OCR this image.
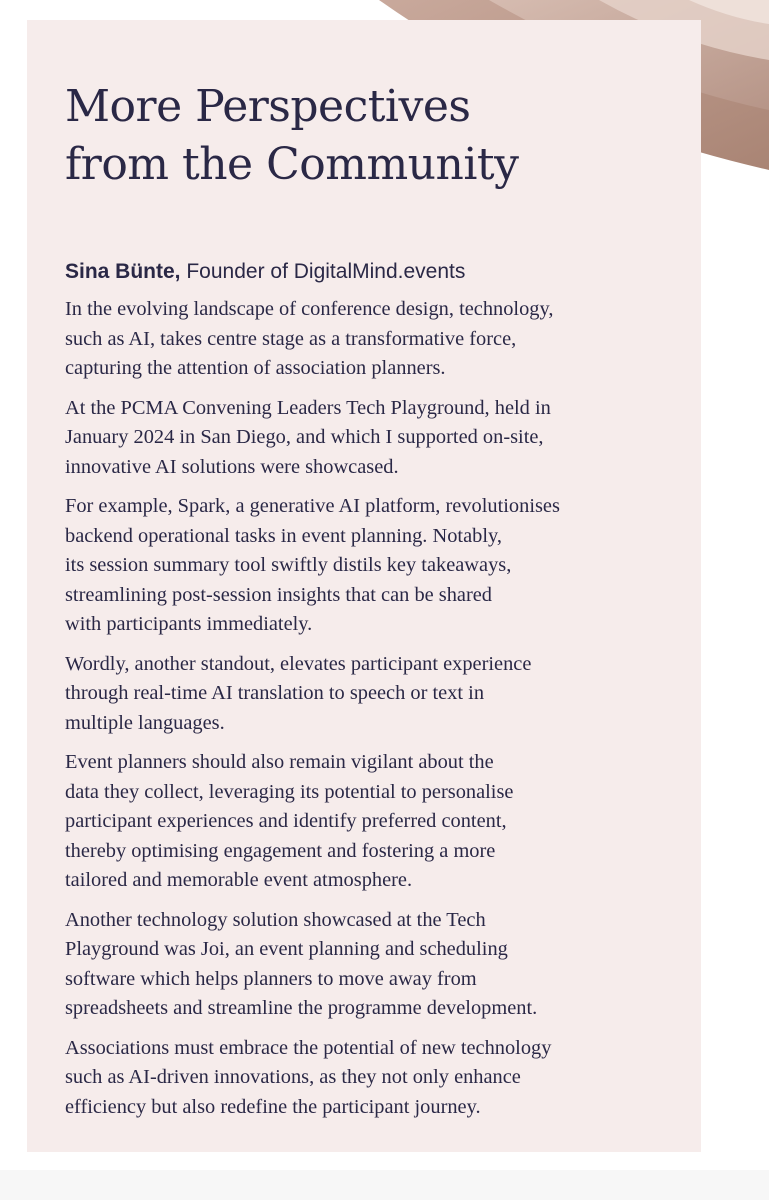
More Perspectives
from the Community

Sina Bünte, Founder of DigitalMind.events

In the evolving landscape of conference design, technology,
such as AI, takes centre stage as a transformative force,
capturing the attention of association planners.

At the PCMA Convening Leaders Tech Playground, held in
January 2024 in San Diego, and which I supported on-site,
innovative AI solutions were showcased.

For example, Spark, a generative AI platform, revolutionises
backend operational tasks in event planning. Notably,
its session summary tool swiftly distils key takeaways,
streamlining post-session insights that can be shared
with participants immediately.

Wordly, another standout, elevates participant experience
through real-time AI translation to speech or text in
multiple languages.

Event planners should also remain vigilant about the
data they collect, leveraging its potential to personalise
participant experiences and identify preferred content,
thereby optimising engagement and fostering a more
tailored and memorable event atmosphere.

Another technology solution showcased at the Tech
Playground was Joi, an event planning and scheduling
software which helps planners to move away from
spreadsheets and streamline the programme development.

Associations must embrace the potential of new technology
such as AI-driven innovations, as they not only enhance
efficiency but also redefine the participant journey.
